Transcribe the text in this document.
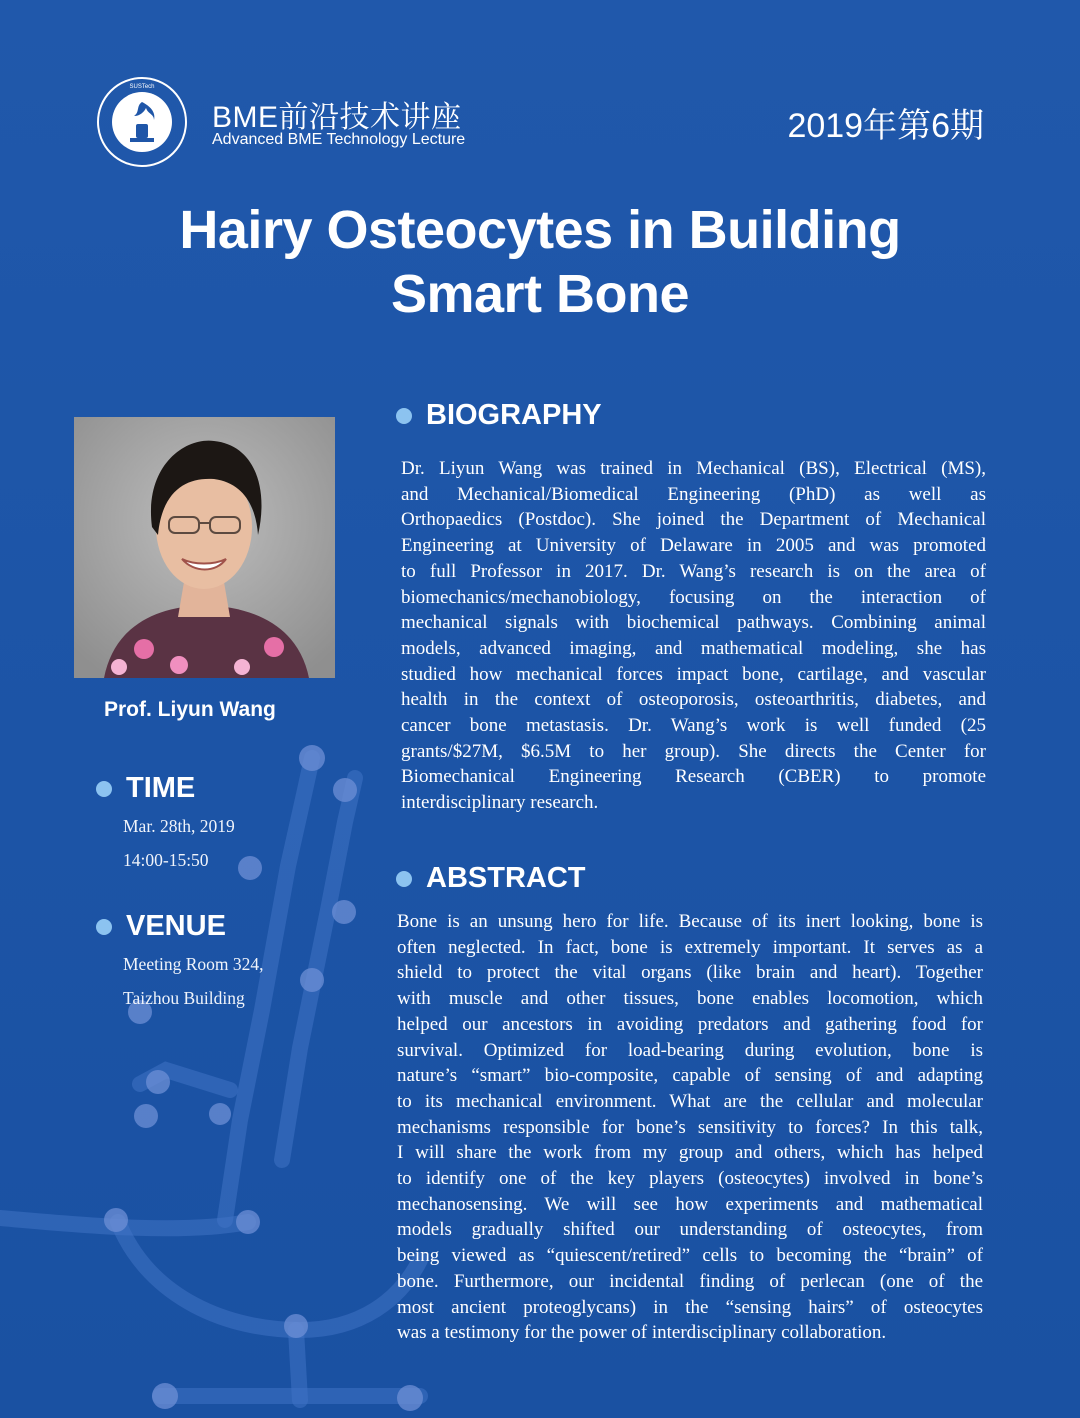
SUSTech
BME前沿技术讲座
Advanced BME Technology Lecture	2019年第6期
Hairy Osteocytes in Building
Smart Bone
Prof. Liyun Wang
TIME
Mar. 28th, 2019
14:00-15:50
VENUE
Meeting Room 324,
Taizhou Building
BIOGRAPHY
Dr. Liyun Wang was trained in Mechanical (BS), Electrical (MS),
and Mechanical/Biomedical Engineering (PhD) as well as
Orthopaedics (Postdoc). She joined the Department of Mechanical
Engineering at University of Delaware in 2005 and was promoted
to full Professor in 2017. Dr. Wang’s research is on the area of
biomechanics/mechanobiology, focusing on the interaction of
mechanical signals with biochemical pathways. Combining animal
models, advanced imaging, and mathematical modeling, she has
studied how mechanical forces impact bone, cartilage, and vascular
health in the context of osteoporosis, osteoarthritis, diabetes, and
cancer bone metastasis. Dr. Wang’s work is well funded (25
grants/$27M, $6.5M to her group). She directs the Center for
Biomechanical Engineering Research (CBER) to promote
interdisciplinary research.
ABSTRACT
Bone is an unsung hero for life. Because of its inert looking, bone is
often neglected. In fact, bone is extremely important. It serves as a
shield to protect the vital organs (like brain and heart). Together
with muscle and other tissues, bone enables locomotion, which
helped our ancestors in avoiding predators and gathering food for
survival. Optimized for load-bearing during evolution, bone is
nature’s “smart” bio-composite, capable of sensing of and adapting
to its mechanical environment. What are the cellular and molecular
mechanisms responsible for bone’s sensitivity to forces? In this talk,
I will share the work from my group and others, which has helped
to identify one of the key players (osteocytes) involved in bone’s
mechanosensing. We will see how experiments and mathematical
models gradually shifted our understanding of osteocytes, from
being viewed as “quiescent/retired” cells to becoming the “brain” of
bone. Furthermore, our incidental finding of perlecan (one of the
most ancient proteoglycans) in the “sensing hairs” of osteocytes
was a testimony for the power of interdisciplinary collaboration.
